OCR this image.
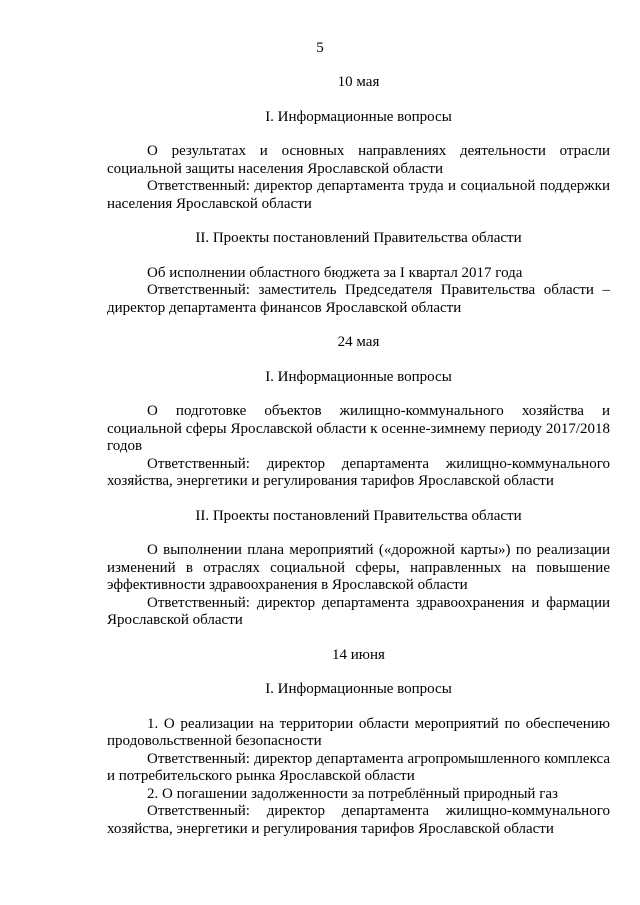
5

10 мая

I. Информационные вопросы

О результатах и основных направлениях деятельности отрасли социальной защиты населения Ярославской области

Ответственный: директор департамента труда и социальной поддержки населения Ярославской области

II. Проекты постановлений Правительства области

Об исполнении областного бюджета за I квартал 2017 года

Ответственный: заместитель Председателя Правительства области – директор департамента финансов Ярославской области

24 мая

I. Информационные вопросы

О подготовке объектов жилищно-коммунального хозяйства и социальной сферы Ярославской области к осенне-зимнему периоду 2017/2018 годов

Ответственный: директор департамента жилищно-коммунального хозяйства, энергетики и регулирования тарифов Ярославской области

II. Проекты постановлений Правительства области

О выполнении плана мероприятий («дорожной карты») по реализации изменений в отраслях социальной сферы, направленных на повышение эффективности здравоохранения в Ярославской области

Ответственный: директор департамента здравоохранения и фармации Ярославской области

14 июня

I. Информационные вопросы

1. О реализации на территории области мероприятий по обеспечению продовольственной безопасности

Ответственный: директор департамента агропромышленного комплекса и потребительского рынка Ярославской области

2. О погашении задолженности за потреблённый природный газ

Ответственный: директор департамента жилищно-коммунального хозяйства, энергетики и регулирования тарифов Ярославской области
